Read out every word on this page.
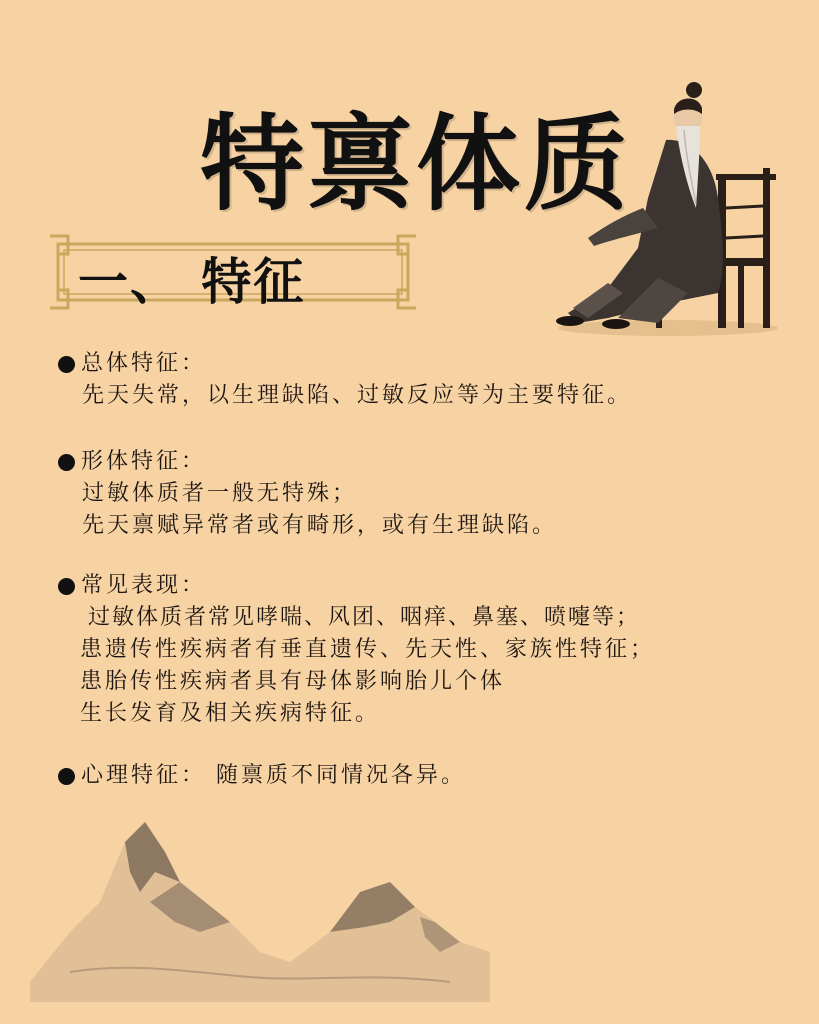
特禀体质
一、 特征
总体特征：
先天失常，以生理缺陷、过敏反应等为主要特征。
形体特征：
过敏体质者一般无特殊；
先天禀赋异常者或有畸形，或有生理缺陷。
常见表现：
过敏体质者常见哮喘、风团、咽痒、鼻塞、喷嚏等；
患遗传性疾病者有垂直遗传、先天性、家族性特征；
患胎传性疾病者具有母体影响胎儿个体
生长发育及相关疾病特征。
心理特征： 随禀质不同情况各异。
